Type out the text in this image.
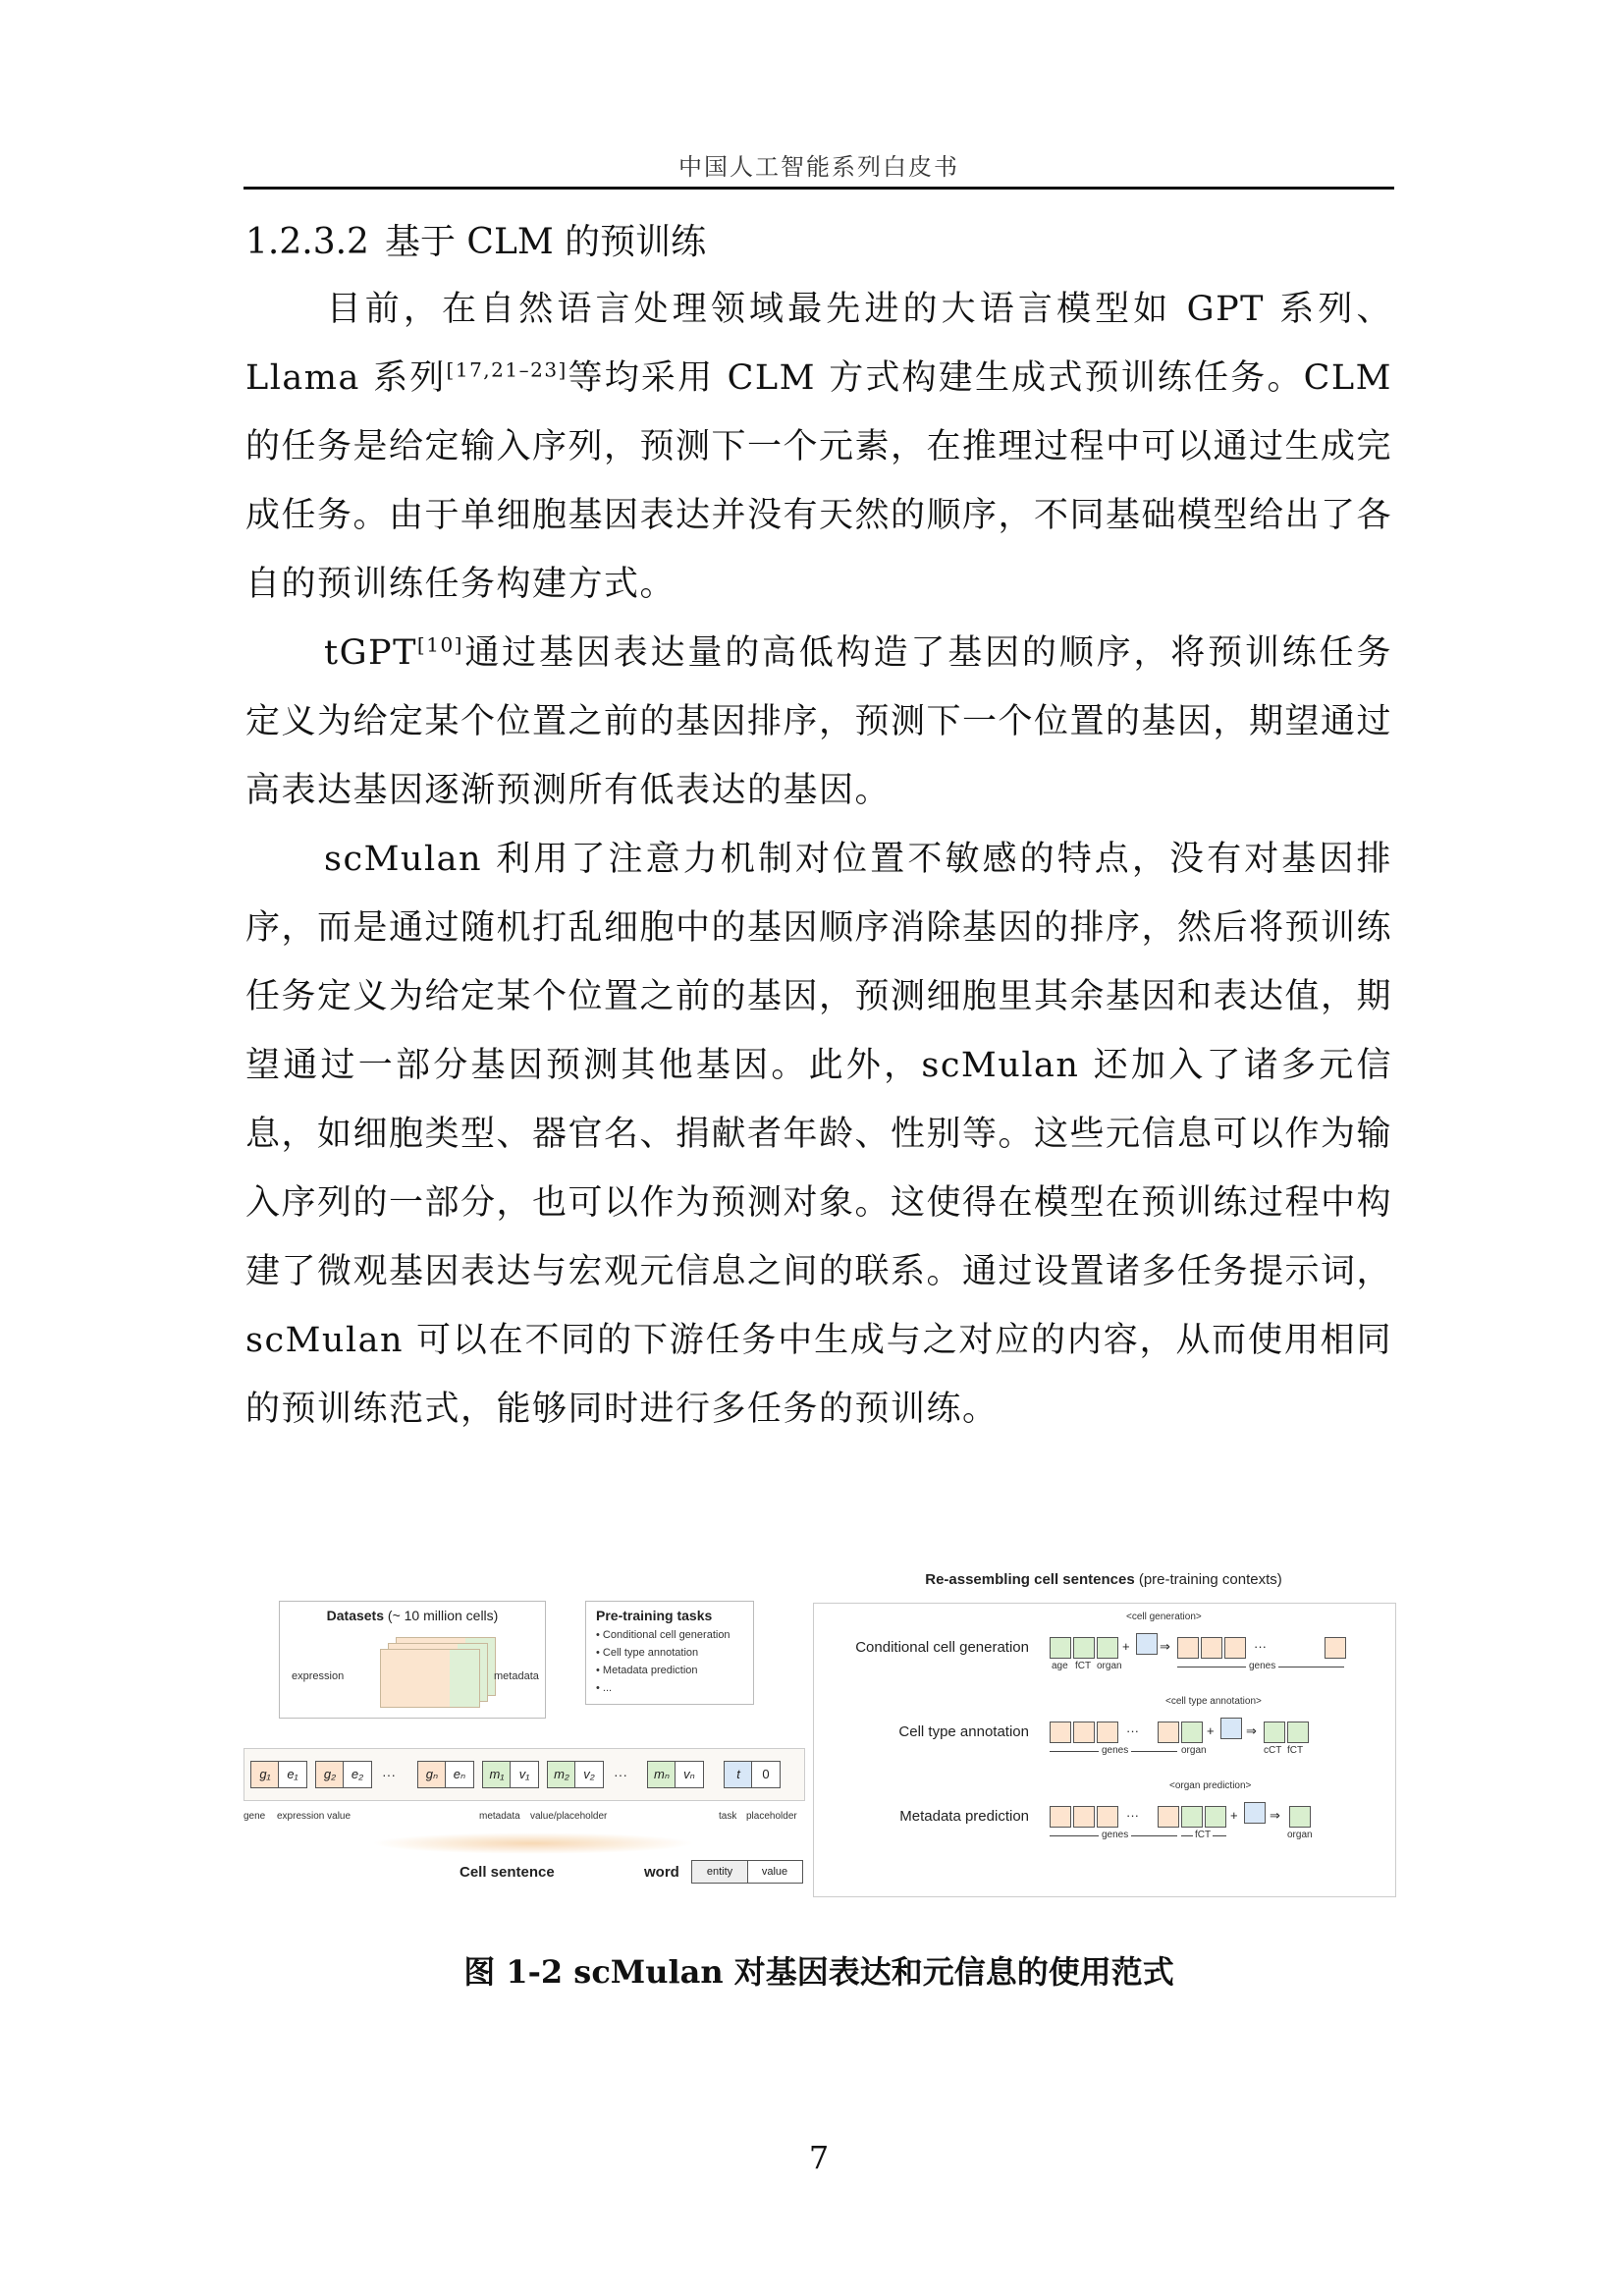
中国人工智能系列白皮书
1.2.3.2 基于 CLM 的预训练

目前，在自然语言处理领域最先进的大语言模型如 GPT 系列、Llama 系列[17,21–23]等均采用 CLM 方式构建生成式预训练任务。CLM 的任务是给定输入序列，预测下一个元素，在推理过程中可以通过生成完成任务。由于单细胞基因表达并没有天然的顺序，不同基础模型给出了各自的预训练任务构建方式。

tGPT[10]通过基因表达量的高低构造了基因的顺序，将预训练任务定义为给定某个位置之前的基因排序，预测下一个位置的基因，期望通过高表达基因逐渐预测所有低表达的基因。

scMulan 利用了注意力机制对位置不敏感的特点，没有对基因排序，而是通过随机打乱细胞中的基因顺序消除基因的排序，然后将预训练任务定义为给定某个位置之前的基因，预测细胞里其余基因和表达值，期望通过一部分基因预测其他基因。此外，scMulan 还加入了诸多元信息，如细胞类型、器官名、捐献者年龄、性别等。这些元信息可以作为输入序列的一部分，也可以作为预测对象。这使得在模型在预训练过程中构建了微观基因表达与宏观元信息之间的联系。通过设置诸多任务提示词，scMulan 可以在不同的下游任务中生成与之对应的内容，从而使用相同的预训练范式，能够同时进行多任务的预训练。

Datasets (~ 10 million cells)
expression	metadata
Pre-training tasks
• Conditional cell generation
• Cell type annotation
• Metadata prediction
• ...
g₁	e₁	g₂	e₂	···	gₙ	eₙ	m₁	v₁	m₂	v₂	···	mₙ	vₙ	t	0
gene expression value	metadata value/placeholder	task placeholder
Cell sentence	word	entity	value
Re-assembling cell sentences (pre-training contexts)
<cell generation>
Conditional cell generation	+ ⇒	···
age fCT organ	genes
<cell type annotation>
Cell type annotation	···	+ ⇒
genes	organ	cCT fCT
<organ prediction>
Metadata prediction	···	+ ⇒
genes	fCT	organ
图 1-2 scMulan 对基因表达和元信息的使用范式
7
